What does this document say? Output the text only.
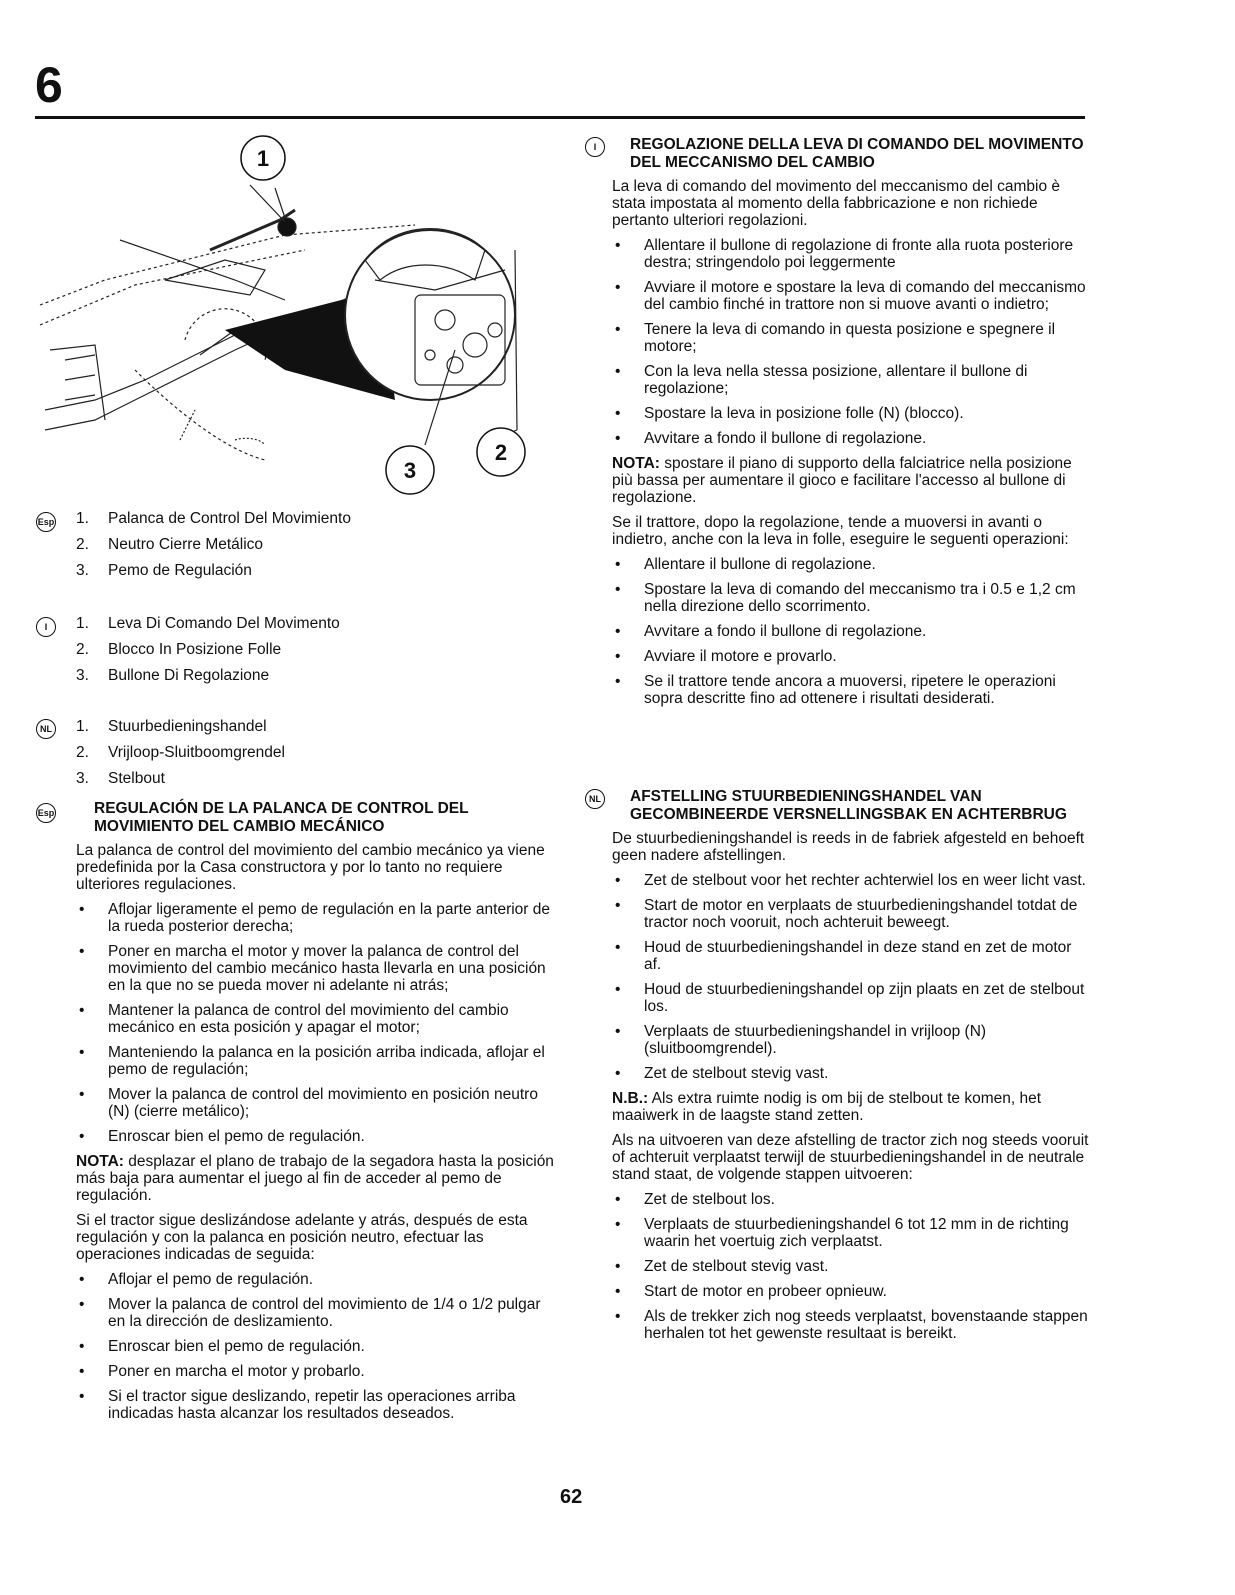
6
1
2
3
Esp 1.	Palanca de Control Del Movimiento
2.	Neutro Cierre Metálico
3.	Pemo de Regulación
I	1.	Leva Di Comando Del Movimento
2.	Blocco In Posizione Folle
3.	Bullone Di Regolazione
NL 1.	Stuurbedieningshandel
2.	Vrijloop-Sluitboomgrendel
3.	Stelbout
Esp	REGULACIÓN DE LA PALANCA DE CONTROL DEL MOVIMIENTO DEL CAMBIO MECÁNICO
La palanca de control del movimiento del cambio mecánico ya viene predefinida por la Casa constructora y por lo tanto no requiere ulteriores regulaciones.
• Aflojar ligeramente el pemo de regulación en la parte anterior de la rueda posterior derecha;
• Poner en marcha el motor y mover la palanca de control del movimiento del cambio mecánico hasta llevarla en una posición en la que no se pueda mover ni adelante ni atrás;
• Mantener la palanca de control del movimiento del cambio mecánico en esta posición y apagar el motor;
• Manteniendo la palanca en la posición arriba indicada, aflojar el pemo de regulación;
• Mover la palanca de control del movimiento en posición neutro (N) (cierre metálico);
• Enroscar bien el pemo de regulación.
NOTA: desplazar el plano de trabajo de la segadora hasta la posición más baja para aumentar el juego al fin de acceder al pemo de regulación.
Si el tractor sigue deslizándose adelante y atrás, después de esta regulación y con la palanca en posición neutro, efectuar las operaciones indicadas de seguida:
• Aflojar el pemo de regulación.
• Mover la palanca de control del movimiento de 1/4 o 1/2 pulgar en la dirección de deslizamiento.
• Enroscar bien el pemo de regulación.
• Poner en marcha el motor y probarlo.
• Si el tractor sigue deslizando, repetir las operaciones arriba indicadas hasta alcanzar los resultados deseados.
I	REGOLAZIONE DELLA LEVA DI COMANDO DEL MOVIMENTO DEL MECCANISMO DEL CAMBIO
La leva di comando del movimento del meccanismo del cambio è stata impostata al momento della fabbricazione e non richiede pertanto ulteriori regolazioni.
• Allentare il bullone di regolazione di fronte alla ruota posteriore destra; stringendolo poi leggermente
• Avviare il motore e spostare la leva di comando del meccanismo del cambio finché in trattore non si muove avanti o indietro;
• Tenere la leva di comando in questa posizione e spegnere il motore;
• Con la leva nella stessa posizione, allentare il bullone di regolazione;
• Spostare la leva in posizione folle (N) (blocco).
• Avvitare a fondo il bullone di regolazione.
NOTA: spostare il piano di supporto della falciatrice nella posizione più bassa per aumentare il gioco e facilitare l'accesso al bullone di regolazione.
Se il trattore, dopo la regolazione, tende a muoversi in avanti o indietro, anche con la leva in folle, eseguire le seguenti operazioni:
• Allentare il bullone di regolazione.
• Spostare la leva di comando del meccanismo tra i 0.5 e 1,2 cm nella direzione dello scorrimento.
• Avvitare a fondo il bullone di regolazione.
• Avviare il motore e provarlo.
• Se il trattore tende ancora a muoversi, ripetere le operazioni sopra descritte fino ad ottenere i risultati desiderati.
NL	AFSTELLING STUURBEDIENINGSHANDEL VAN GECOMBINEERDE VERSNELLINGSBAK EN ACHTERBRUG
De stuurbedieningshandel is reeds in de fabriek afgesteld en behoeft geen nadere afstellingen.
• Zet de stelbout voor het rechter achterwiel los en weer licht vast.
• Start de motor en verplaats de stuurbedieningshandel totdat de tractor noch vooruit, noch achteruit beweegt.
• Houd de stuurbedieningshandel in deze stand en zet de motor af.
• Houd de stuurbedieningshandel op zijn plaats en zet de stelbout los.
• Verplaats de stuurbedieningshandel in vrijloop (N) (sluitboomgrendel).
• Zet de stelbout stevig vast.
N.B.: Als extra ruimte nodig is om bij de stelbout te komen, het maaiwerk in de laagste stand zetten.
Als na uitvoeren van deze afstelling de tractor zich nog steeds vooruit of achteruit verplaatst terwijl de stuurbedieningshandel in de neutrale stand staat, de volgende stappen uitvoeren:
• Zet de stelbout los.
• Verplaats de stuurbedieningshandel 6 tot 12 mm in de richting waarin het voertuig zich verplaatst.
• Zet de stelbout stevig vast.
• Start de motor en probeer opnieuw.
• Als de trekker zich nog steeds verplaatst, bovenstaande stappen herhalen tot het gewenste resultaat is bereikt.
62
